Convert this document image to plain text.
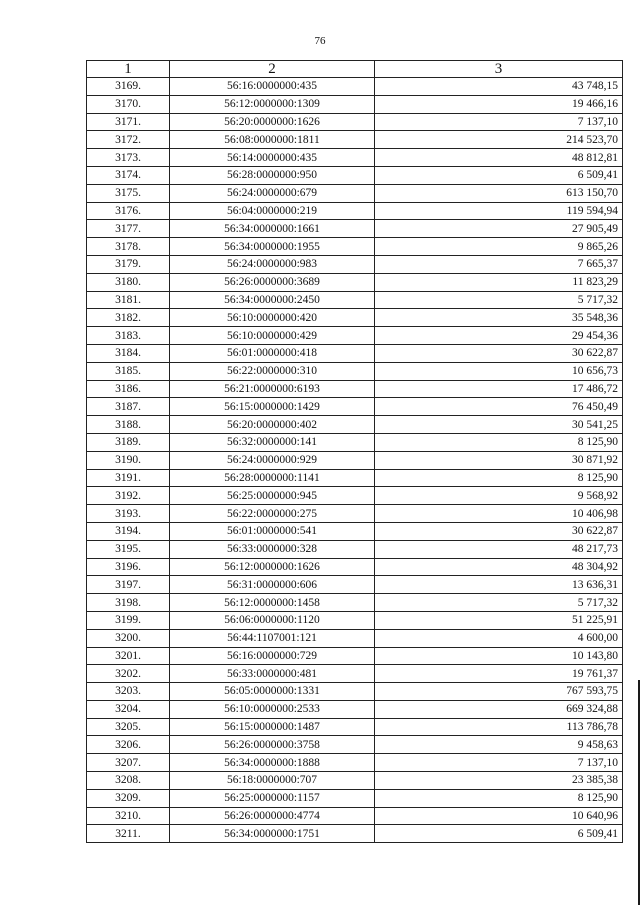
76
1	2	3
3169.	56:16:0000000:435	43 748,15
3170.	56:12:0000000:1309	19 466,16
3171.	56:20:0000000:1626	7 137,10
3172.	56:08:0000000:1811	214 523,70
3173.	56:14:0000000:435	48 812,81
3174.	56:28:0000000:950	6 509,41
3175.	56:24:0000000:679	613 150,70
3176.	56:04:0000000:219	119 594,94
3177.	56:34:0000000:1661	27 905,49
3178.	56:34:0000000:1955	9 865,26
3179.	56:24:0000000:983	7 665,37
3180.	56:26:0000000:3689	11 823,29
3181.	56:34:0000000:2450	5 717,32
3182.	56:10:0000000:420	35 548,36
3183.	56:10:0000000:429	29 454,36
3184.	56:01:0000000:418	30 622,87
3185.	56:22:0000000:310	10 656,73
3186.	56:21:0000000:6193	17 486,72
3187.	56:15:0000000:1429	76 450,49
3188.	56:20:0000000:402	30 541,25
3189.	56:32:0000000:141	8 125,90
3190.	56:24:0000000:929	30 871,92
3191.	56:28:0000000:1141	8 125,90
3192.	56:25:0000000:945	9 568,92
3193.	56:22:0000000:275	10 406,98
3194.	56:01:0000000:541	30 622,87
3195.	56:33:0000000:328	48 217,73
3196.	56:12:0000000:1626	48 304,92
3197.	56:31:0000000:606	13 636,31
3198.	56:12:0000000:1458	5 717,32
3199.	56:06:0000000:1120	51 225,91
3200.	56:44:1107001:121	4 600,00
3201.	56:16:0000000:729	10 143,80
3202.	56:33:0000000:481	19 761,37
3203.	56:05:0000000:1331	767 593,75
3204.	56:10:0000000:2533	669 324,88
3205.	56:15:0000000:1487	113 786,78
3206.	56:26:0000000:3758	9 458,63
3207.	56:34:0000000:1888	7 137,10
3208.	56:18:0000000:707	23 385,38
3209.	56:25:0000000:1157	8 125,90
3210.	56:26:0000000:4774	10 640,96
3211.	56:34:0000000:1751	6 509,41
